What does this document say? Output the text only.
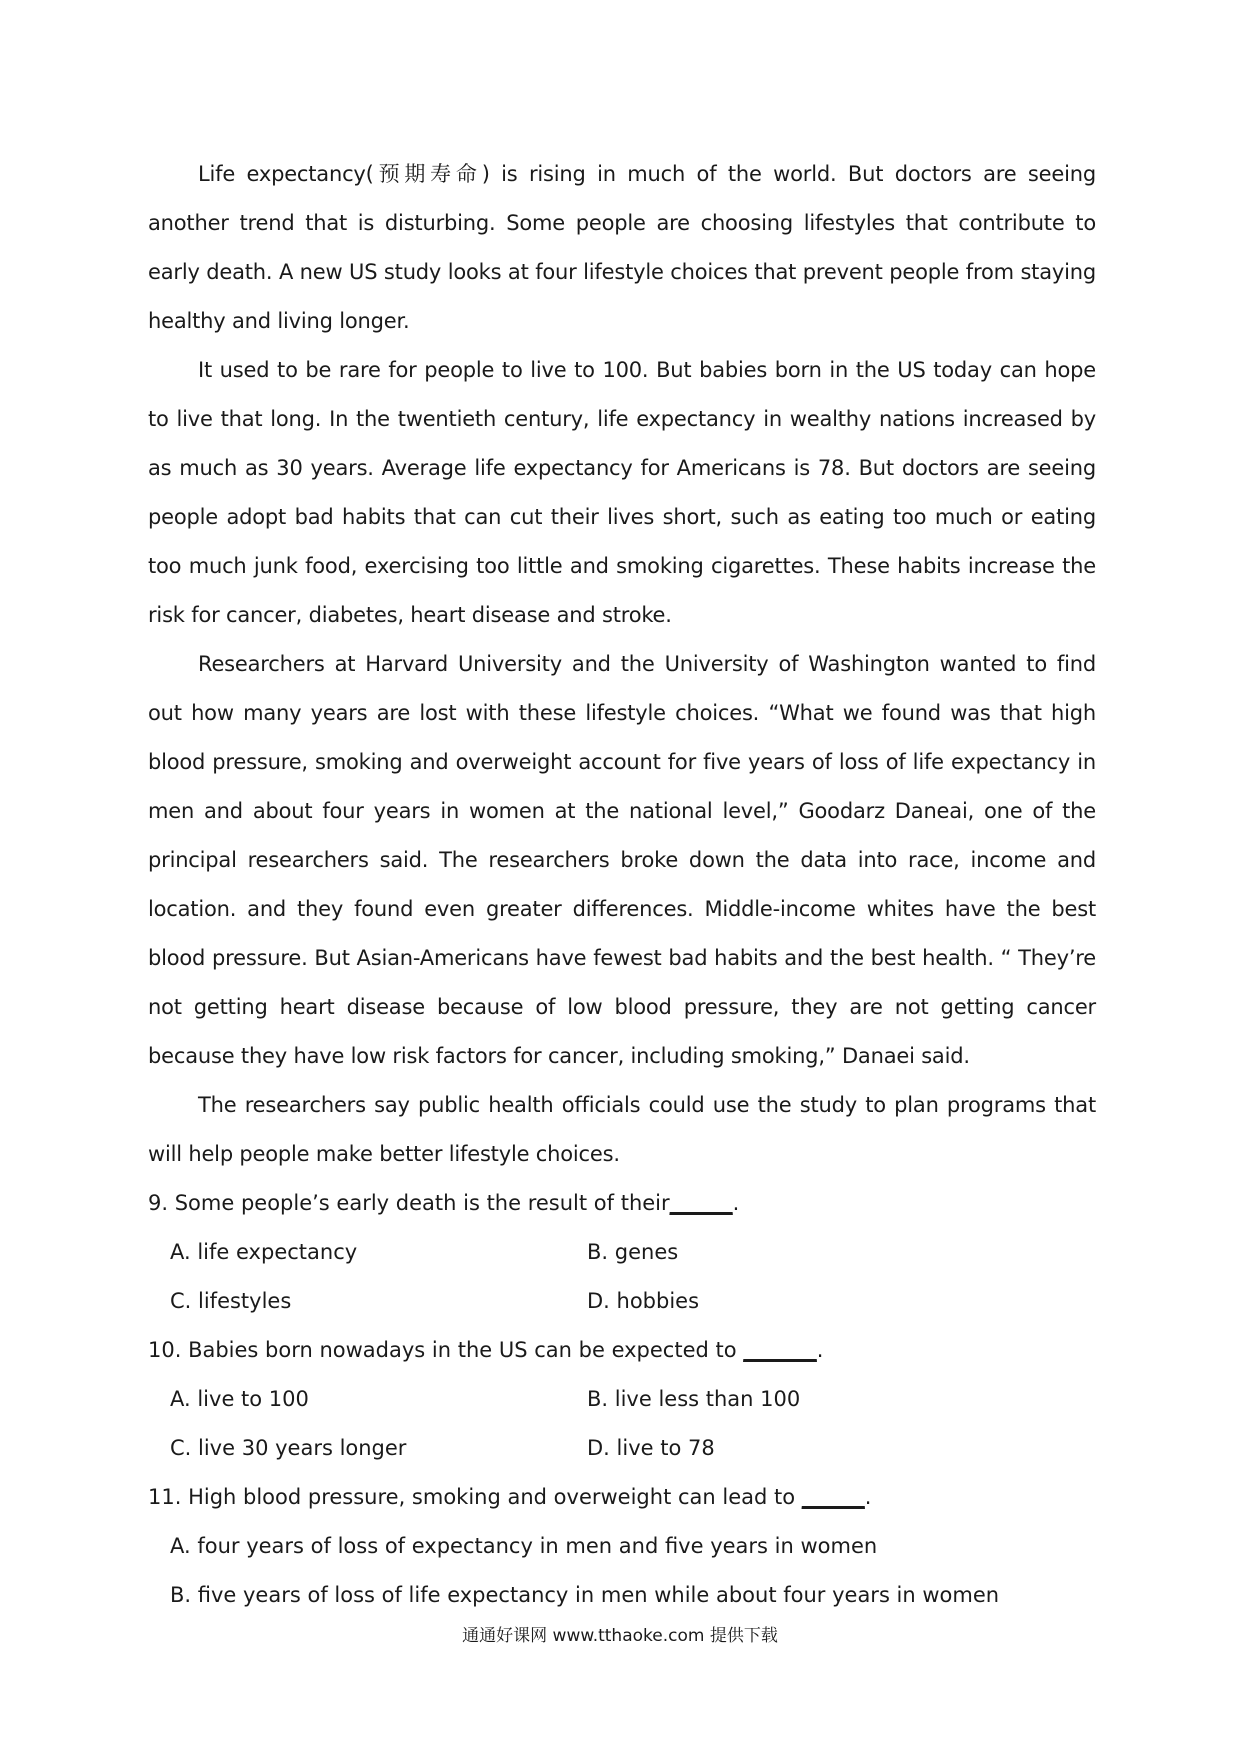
Life expectancy(预期寿命) is rising in much of the world. But doctors are seeing another trend that is disturbing. Some people are choosing lifestyles that contribute to early death. A new US study looks at four lifestyle choices that prevent people from staying healthy and living longer.

It used to be rare for people to live to 100. But babies born in the US today can hope to live that long. In the twentieth century, life expectancy in wealthy nations increased by as much as 30 years. Average life expectancy for Americans is 78. But doctors are seeing people adopt bad habits that can cut their lives short, such as eating too much or eating too much junk food, exercising too little and smoking cigarettes. These habits increase the risk for cancer, diabetes, heart disease and stroke.

Researchers at Harvard University and the University of Washington wanted to find out how many years are lost with these lifestyle choices. “What we found was that high blood pressure, smoking and overweight account for five years of loss of life expectancy in men and about four years in women at the national level,” Goodarz Daneai, one of the principal researchers said. The researchers broke down the data into race, income and location. and they found even greater differences. Middle-income whites have the best blood pressure. But Asian-Americans have fewest bad habits and the best health. “ They’re not getting heart disease because of low blood pressure, they are not getting cancer because they have low risk factors for cancer, including smoking,” Danaei said.

The researchers say public health officials could use the study to plan programs that will help people make better lifestyle choices.

9. Some people’s early death is the result of their______.

A. life expectancy	B. genes
C. lifestyles	D. hobbies

10. Babies born nowadays in the US can be expected to _______.

A. live to 100	B. live less than 100
C. live 30 years longer	D. live to 78

11. High blood pressure, smoking and overweight can lead to ______.

A. four years of loss of expectancy in men and five years in women
B. five years of loss of life expectancy in men while about four years in women
通通好课网 www.tthaoke.com 提供下载
